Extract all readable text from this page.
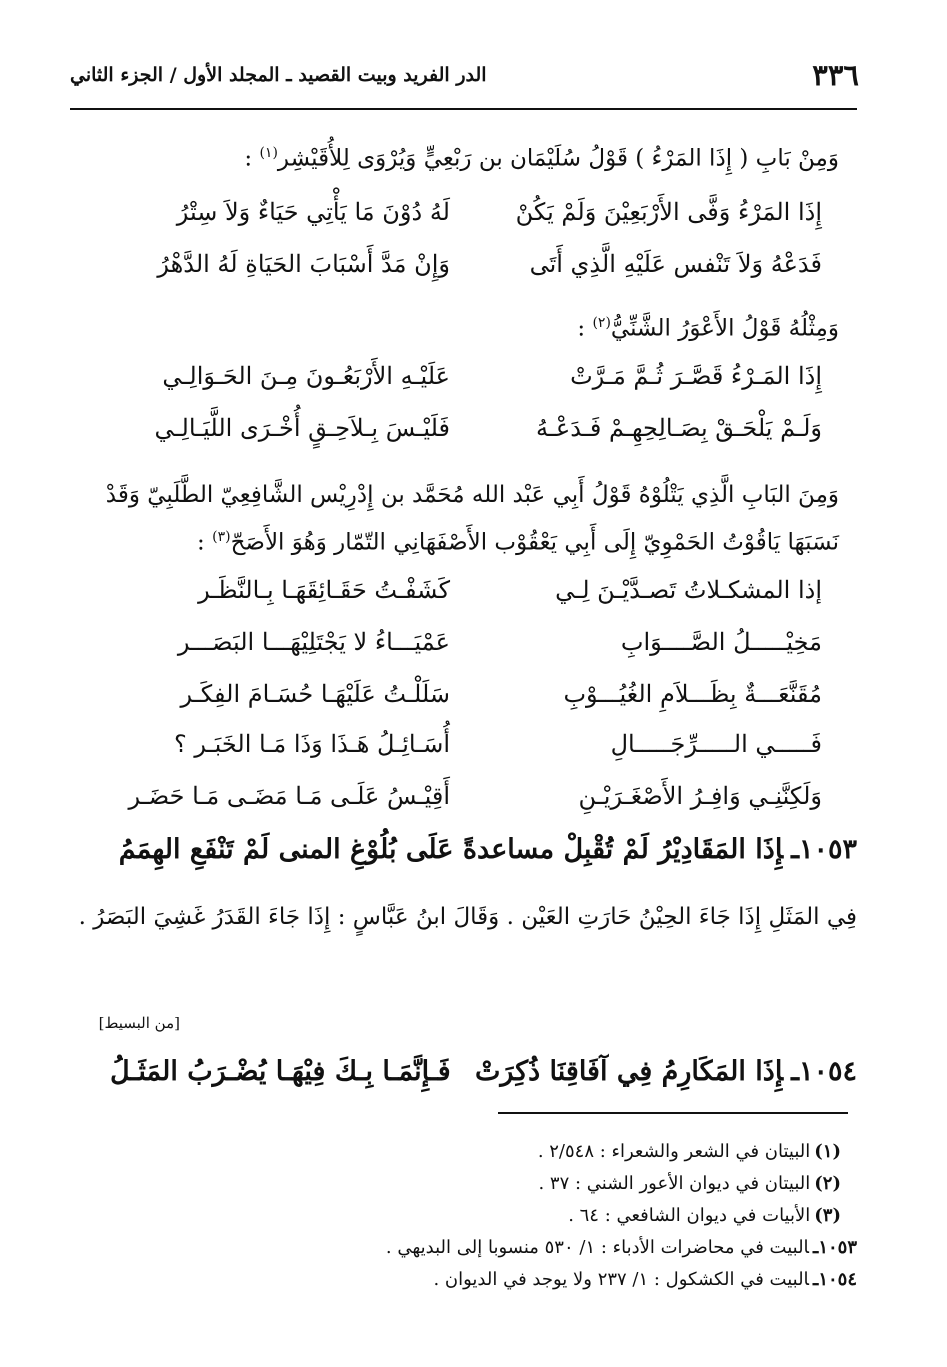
٣٣٦
الدر الفريد وبيت القصيد ـ المجلد الأول / الجزء الثاني
وَمِنْ بَابِ ( إِذَا المَرْءُ ) قَوْلُ سُلَيْمَان بن رَبْعِيٍّ وَيُرْوَى لِلأُقَيْشِر$^{(١)}$ :
إِذَا المَرْءُ وَفَّى الأَرْبَعِيْنَ وَلَمْ يَكُنْ
لَهُ دُوْنَ مَا يَأْتِي حَيَاءٌ وَلاَ سِتْرُ
فَدَعْهُ وَلاَ تَنْفس عَلَيْهِ الَّذِي أَتَى
وَإِنْ مَدَّ أَسْبَابَ الحَيَاةِ لَهُ الدَّهْرُ
وَمِثْلُهُ قَوْلُ الأَعْوَرُ الشَّنِّيُّ$^{(٢)}$ :
إِذَا المَـرْءُ قَصَّـرَ ثُـمَّ مَـرَّتْ
عَلَيْـهِ الأَرْبَعُـونَ مِـنَ الحَـوَالِـي
وَلَـمْ يَلْحَـقْ بِصَـالِحِهِـمْ فَـدَعْـهُ
فَلَيْـسَ بِـلاَحِـقٍ أُخْـرَى اللَّيَـالِـي
وَمِنَ البَابِ الَّذِي يَتْلُوْهُ قَوْلُ أَبِي عَبْد الله مُحَمَّد بن إِدْرِيْس الشَّافِعِيّ الطَّلَبِيّ وَقَدْ نَسَبَهَا يَاقُوْتُ الحَمْوِيّ إِلَى أَبِي يَعْقُوْب الأَصْفَهَانِي التّمّار وَهُوَ الأَصَحّ$^{(٣)}$ :
إذا المشكـلاتُ تَصـدَّيْـنَ لِـي
كَشَفْـتُ حَقَـائِقَهَـا بِـالنَّظَـر
مَخِيْـــــلُ الصَّــــوَابِ
عَمْيَـــاءُ لا يَجْتَلِيْهَـــا البَصَـــر
مُقَنَّعَـــةٌ بِظَـــلاَمِ الغُيُـــوْبِ
سَلَلْـتُ عَلَيْهَـا حُسَـامَ الفِكَـر
فَـــــي الـــــرِّجَـــــالِ
أُسَـائِـلُ هَـذَا وَذَا مَـا الخَبَـر ؟
وَلَكِنَّنِـي وَافِـرُ الأَصْغَـرَيْـنِ
أَقِيْـسُ عَلَـى مَـا مَضَـى مَـا حَضَـر
١٠٥٣ـإِذَا المَقَادِيْرُ لَمْ تُقْبِلْ مساعدةً عَلَى بُلُوْغِ المنى لَمْ تَنْفَعِ الهِمَمُ
فِي المَثَلِ إِذَا جَاءَ الحِيْنُ حَارَتِ العَيْن . وَقَالَ ابنُ عَبَّاسٍ : إِذَا جَاءَ القَدَرُ غَشِيَ البَصَرُ .
[من البسيط]
١٠٥٤ـإِذَا المَكَارِمُ فِي آفَاقِنَا ذُكِرَتْ
فَـإِنَّمَـا بِـكَ فِيْهَـا يُضْـرَبُ المَثَـلُ
(١)البيتان في الشعر والشعراء : ٢/٥٤٨ .
(٢)البيتان في ديوان الأعور الشني : ٣٧ .
(٣)الأبيات في ديوان الشافعي : ٦٤ .
١٠٥٣ـالبيت في محاضرات الأدباء : ١/ ٥٣٠ منسوبا إلى البديهي .
١٠٥٤ـالبيت في الكشكول : ١/ ٢٣٧ ولا يوجد في الديوان .
